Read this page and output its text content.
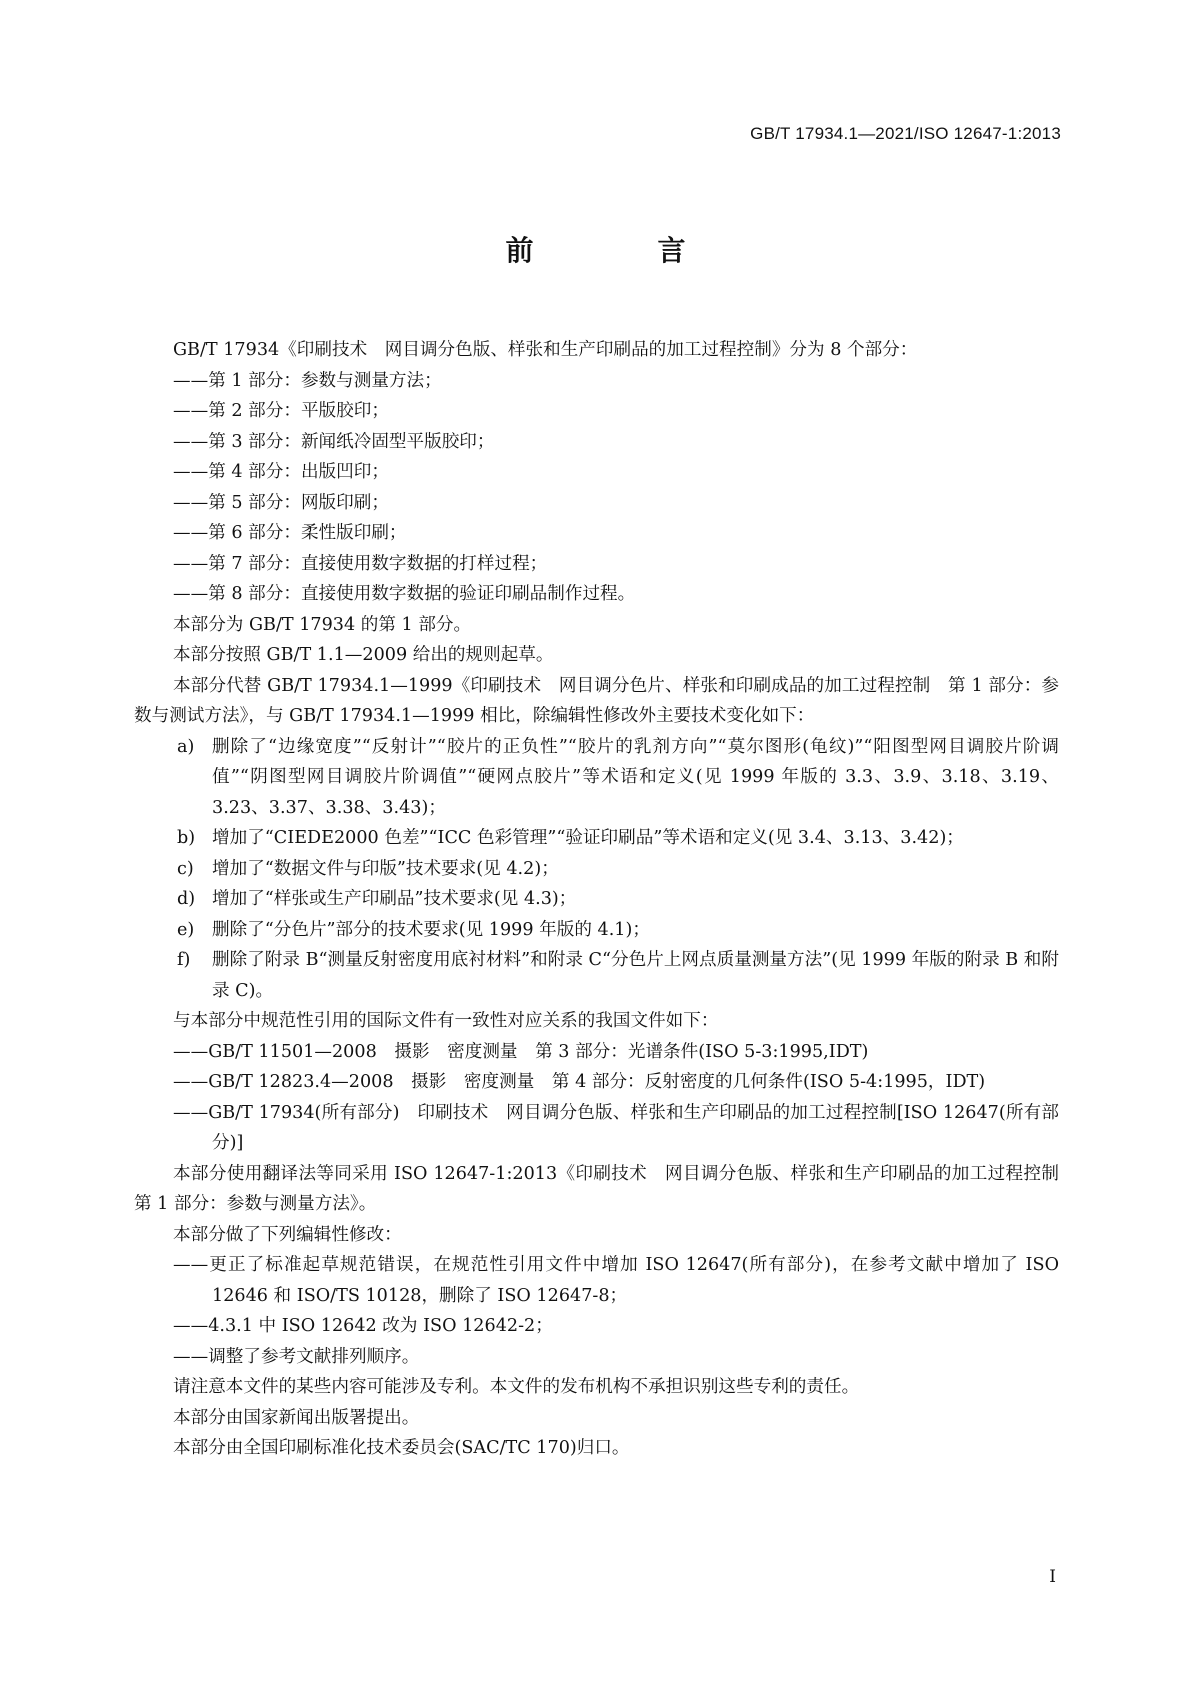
GB/T 17934.1—2021/ISO 12647-1:2013
前　言

GB/T 17934《印刷技术　网目调分色版、样张和生产印刷品的加工过程控制》分为 8 个部分：

——第 1 部分：参数与测量方法；

——第 2 部分：平版胶印；

——第 3 部分：新闻纸冷固型平版胶印；

——第 4 部分：出版凹印；

——第 5 部分：网版印刷；

——第 6 部分：柔性版印刷；

——第 7 部分：直接使用数字数据的打样过程；

——第 8 部分：直接使用数字数据的验证印刷品制作过程。

本部分为 GB/T 17934 的第 1 部分。

本部分按照 GB/T 1.1—2009 给出的规则起草。

本部分代替 GB/T 17934.1—1999《印刷技术　网目调分色片、样张和印刷成品的加工过程控制　第 1 部分：参数与测试方法》，与 GB/T 17934.1—1999 相比，除编辑性修改外主要技术变化如下：

a) 删除了“边缘宽度”“反射计”“胶片的正负性”“胶片的乳剂方向”“莫尔图形(龟纹)”“阳图型网目调胶片阶调值”“阴图型网目调胶片阶调值”“硬网点胶片”等术语和定义(见 1999 年版的 3.3、3.9、3.18、3.19、3.23、3.37、3.38、3.43)；
b) 增加了“CIEDE2000 色差”“ICC 色彩管理”“验证印刷品”等术语和定义(见 3.4、3.13、3.42)；
c) 增加了“数据文件与印版”技术要求(见 4.2)；
d) 增加了“样张或生产印刷品”技术要求(见 4.3)；
e) 删除了“分色片”部分的技术要求(见 1999 年版的 4.1)；
f) 删除了附录 B“测量反射密度用底衬材料”和附录 C“分色片上网点质量测量方法”(见 1999 年版的附录 B 和附录 C)。

与本部分中规范性引用的国际文件有一致性对应关系的我国文件如下：

——GB/T 11501—2008　摄影　密度测量　第 3 部分：光谱条件(ISO 5-3:1995,IDT)

——GB/T 12823.4—2008　摄影　密度测量　第 4 部分：反射密度的几何条件(ISO 5-4:1995，IDT)

——GB/T 17934(所有部分)　印刷技术　网目调分色版、样张和生产印刷品的加工过程控制[ISO 12647(所有部分)]

本部分使用翻译法等同采用 ISO 12647-1:2013《印刷技术　网目调分色版、样张和生产印刷品的加工过程控制　第 1 部分：参数与测量方法》。

本部分做了下列编辑性修改：

——更正了标准起草规范错误，在规范性引用文件中增加 ISO 12647(所有部分)，在参考文献中增加了 ISO 12646 和 ISO/TS 10128，删除了 ISO 12647-8；

——4.3.1 中 ISO 12642 改为 ISO 12642-2；

——调整了参考文献排列顺序。

请注意本文件的某些内容可能涉及专利。本文件的发布机构不承担识别这些专利的责任。

本部分由国家新闻出版署提出。

本部分由全国印刷标准化技术委员会(SAC/TC 170)归口。

I
